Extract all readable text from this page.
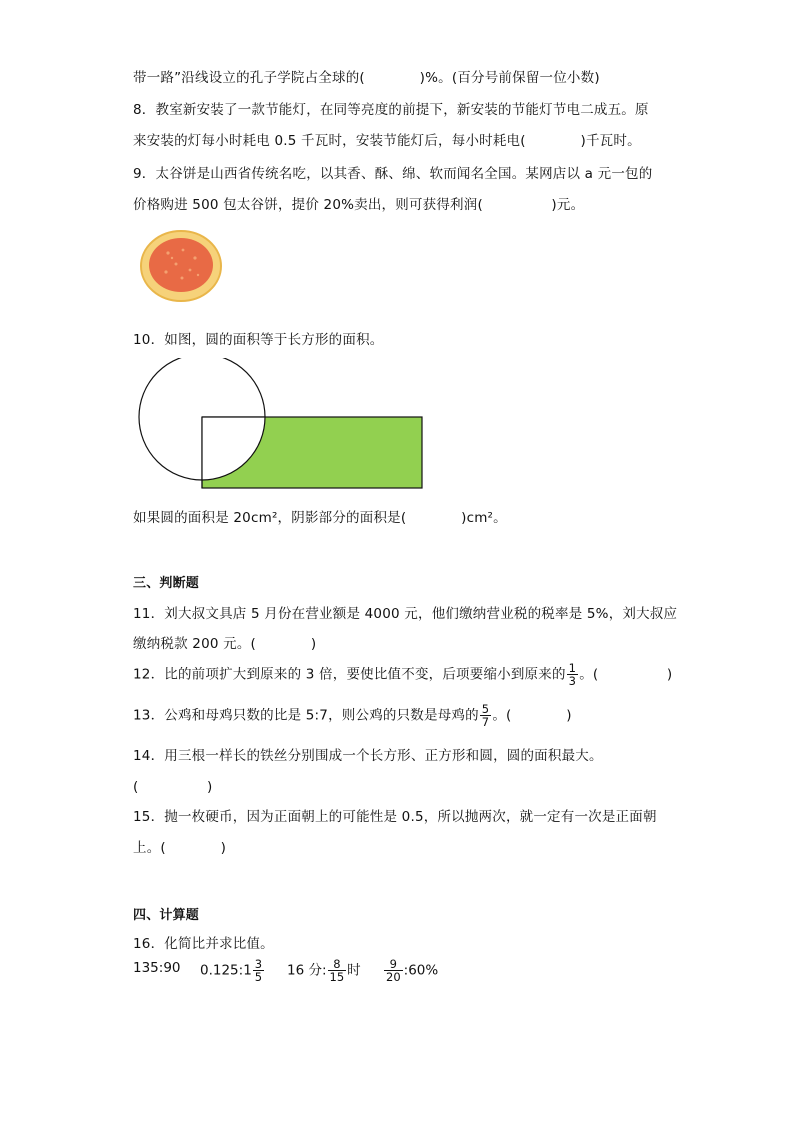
带一路”沿线设立的孔子学院占全球的(　　　　)%。(百分号前保留一位小数)
8．教室新安装了一款节能灯，在同等亮度的前提下，新安装的节能灯节电二成五。原
来安装的灯每小时耗电 0.5 千瓦时，安装节能灯后，每小时耗电(　　　　)千瓦时。
9．太谷饼是山西省传统名吃，以其香、酥、绵、软而闻名全国。某网店以 a 元一包的
价格购进 500 包太谷饼，提价 20%卖出，则可获得利润(　　　　　)元。
10．如图，圆的面积等于长方形的面积。
如果圆的面积是 20cm²，阴影部分的面积是(　　　　)cm²。
三、判断题
11．刘大叔文具店 5 月份在营业额是 4000 元，他们缴纳营业税的税率是 5%，刘大叔应
缴纳税款 200 元。(　　　　)
12．比的前项扩大到原来的 3 倍，要使比值不变，后项要缩小到原来的 $\frac{1}{3}$ 。(　　　　　)
13．公鸡和母鸡只数的比是 5:7，则公鸡的只数是母鸡的 $\frac{5}{7}$ 。(　　　　)
14．用三根一样长的铁丝分别围成一个长方形、正方形和圆，圆的面积最大。
(　　　　　)
15．抛一枚硬币，因为正面朝上的可能性是 0.5，所以抛两次，就一定有一次是正面朝
上。(　　　　)
四、计算题
16．化简比并求比值。
135:90 0.125:1 $\frac{3}{5} 16$ 分: $\frac{8}{15}$ 时 $\frac{9}{20}$ :60%
